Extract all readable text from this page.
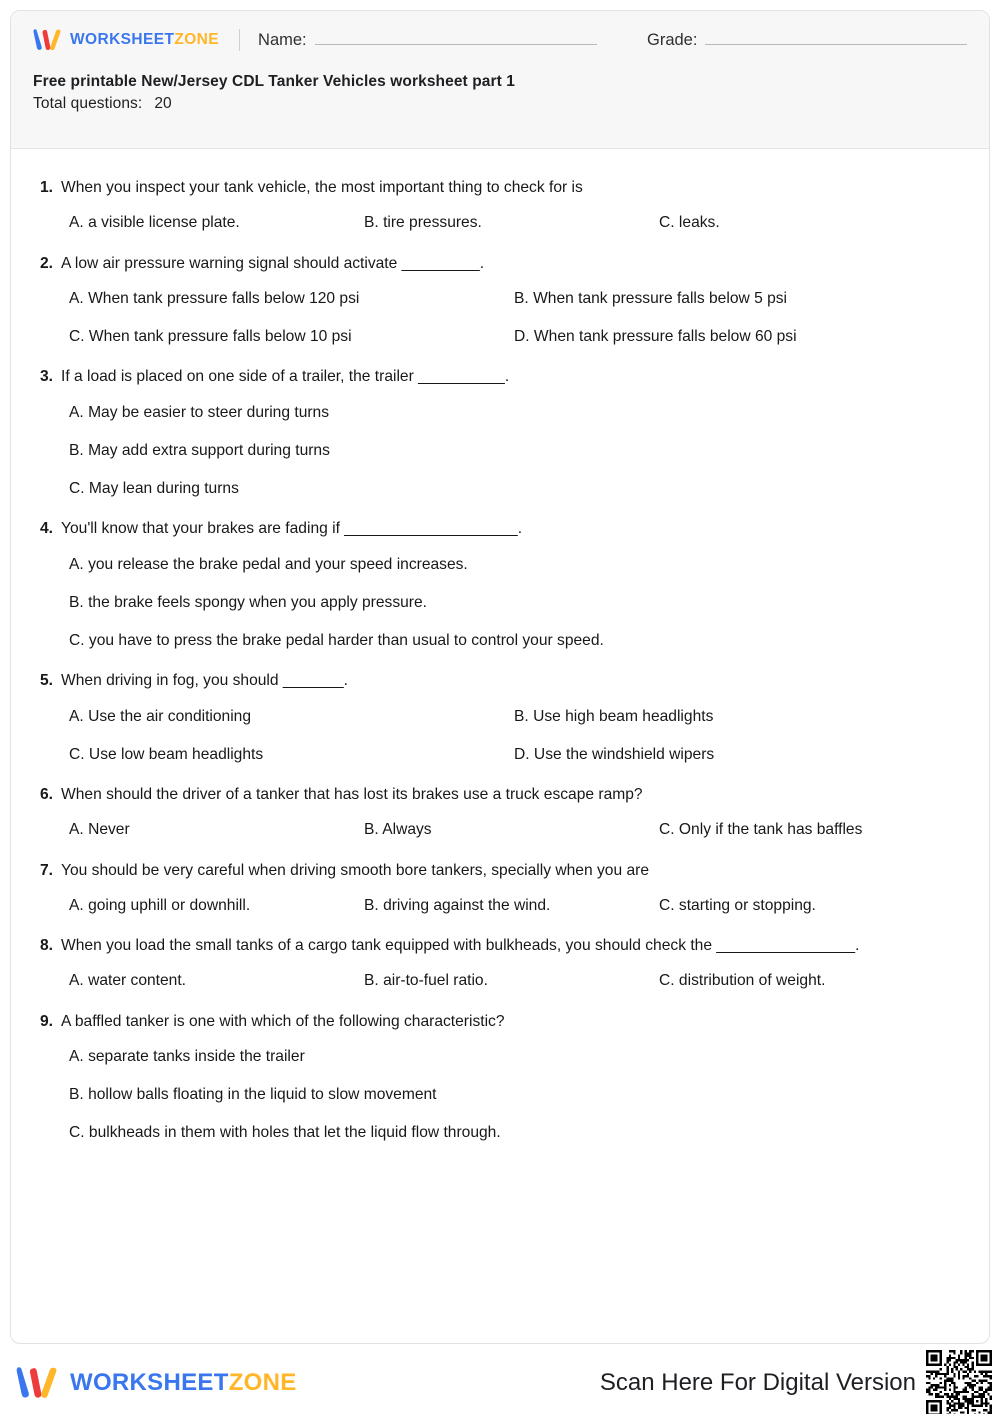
WORKSHEETZONE Name:	Grade:
Free printable New/Jersey CDL Tanker Vehicles worksheet part 1
Total questions: 20
1. When you inspect your tank vehicle, the most important thing to check for is
A. a visible license plate.	B. tire pressures.	C. leaks.
2. A low air pressure warning signal should activate _________.
A. When tank pressure falls below 120 psi	B. When tank pressure falls below 5 psi
C. When tank pressure falls below 10 psi	D. When tank pressure falls below 60 psi
3. If a load is placed on one side of a trailer, the trailer __________.
A. May be easier to steer during turns
B. May add extra support during turns
C. May lean during turns
4. You'll know that your brakes are fading if ____________________.
A. you release the brake pedal and your speed increases.
B. the brake feels spongy when you apply pressure.
C. you have to press the brake pedal harder than usual to control your speed.
5. When driving in fog, you should _______.
A. Use the air conditioning	B. Use high beam headlights
C. Use low beam headlights	D. Use the windshield wipers
6. When should the driver of a tanker that has lost its brakes use a truck escape ramp?
A. Never	B. Always	C. Only if the tank has baffles
7. You should be very careful when driving smooth bore tankers, specially when you are
A. going uphill or downhill.	B. driving against the wind.	C. starting or stopping.
8. When you load the small tanks of a cargo tank equipped with bulkheads, you should check the ________________.
A. water content.	B. air-to-fuel ratio.	C. distribution of weight.
9. A baffled tanker is one with which of the following characteristic?
A. separate tanks inside the trailer
B. hollow balls floating in the liquid to slow movement
C. bulkheads in them with holes that let the liquid flow through.
WORKSHEETZONE	Scan Here For Digital Version
